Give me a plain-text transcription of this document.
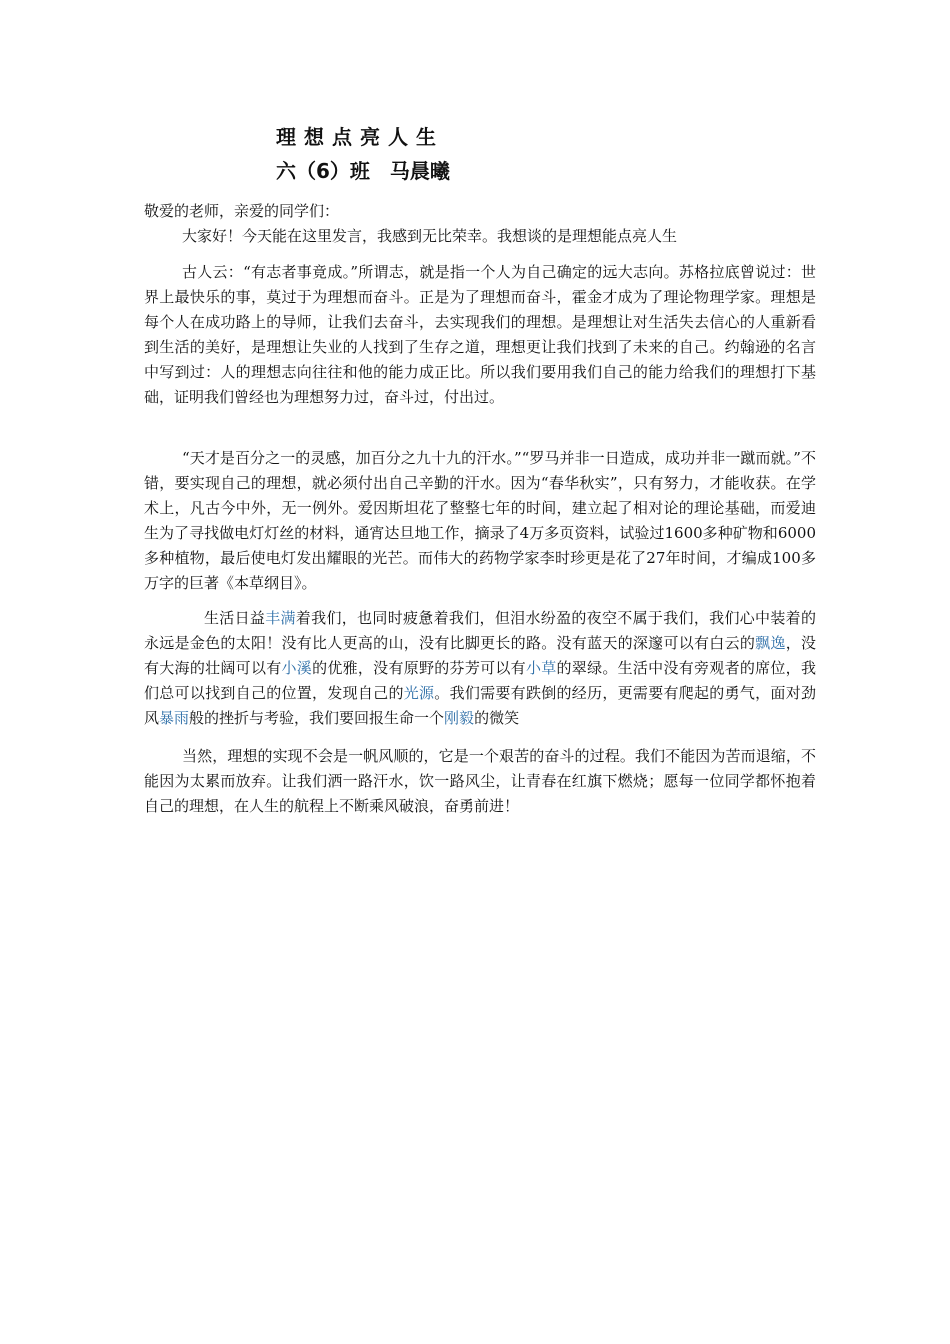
理想点亮人生

六（6）班　马晨曦

敬爱的老师，亲爱的同学们：

大家好！今天能在这里发言，我感到无比荣幸。我想谈的是理想能点亮人生

古人云：“有志者事竟成。”所谓志，就是指一个人为自己确定的远大志向。苏格拉底曾说过：世界上最快乐的事，莫过于为理想而奋斗。正是为了理想而奋斗，霍金才成为了理论物理学家。理想是每个人在成功路上的导师，让我们去奋斗，去实现我们的理想。是理想让对生活失去信心的人重新看到生活的美好，是理想让失业的人找到了生存之道，理想更让我们找到了未来的自己。约翰逊的名言中写到过：人的理想志向往往和他的能力成正比。所以我们要用我们自己的能力给我们的理想打下基础，证明我们曾经也为理想努力过，奋斗过，付出过。

“天才是百分之一的灵感，加百分之九十九的汗水。”“罗马并非一日造成，成功并非一蹴而就。”不错，要实现自己的理想，就必须付出自己辛勤的汗水。因为“春华秋实”，只有努力，才能收获。在学术上，凡古今中外，无一例外。爱因斯坦花了整整七年的时间，建立起了相对论的理论基础，而爱迪生为了寻找做电灯灯丝的材料，通宵达旦地工作，摘录了4万多页资料，试验过1600多种矿物和6000多种植物，最后使电灯发出耀眼的光芒。而伟大的药物学家李时珍更是花了27年时间，才编成100多万字的巨著《本草纲目》。

生活日益丰满着我们，也同时疲惫着我们，但泪水纷盈的夜空不属于我们，我们心中装着的永远是金色的太阳！没有比人更高的山，没有比脚更长的路。没有蓝天的深邃可以有白云的飘逸，没有大海的壮阔可以有小溪的优雅，没有原野的芬芳可以有小草的翠绿。生活中没有旁观者的席位，我们总可以找到自己的位置，发现自己的光源。我们需要有跌倒的经历，更需要有爬起的勇气，面对劲风暴雨般的挫折与考验，我们要回报生命一个刚毅的微笑

当然，理想的实现不会是一帆风顺的，它是一个艰苦的奋斗的过程。我们不能因为苦而退缩，不能因为太累而放弃。让我们洒一路汗水，饮一路风尘，让青春在红旗下燃烧；愿每一位同学都怀抱着自己的理想，在人生的航程上不断乘风破浪，奋勇前进！
